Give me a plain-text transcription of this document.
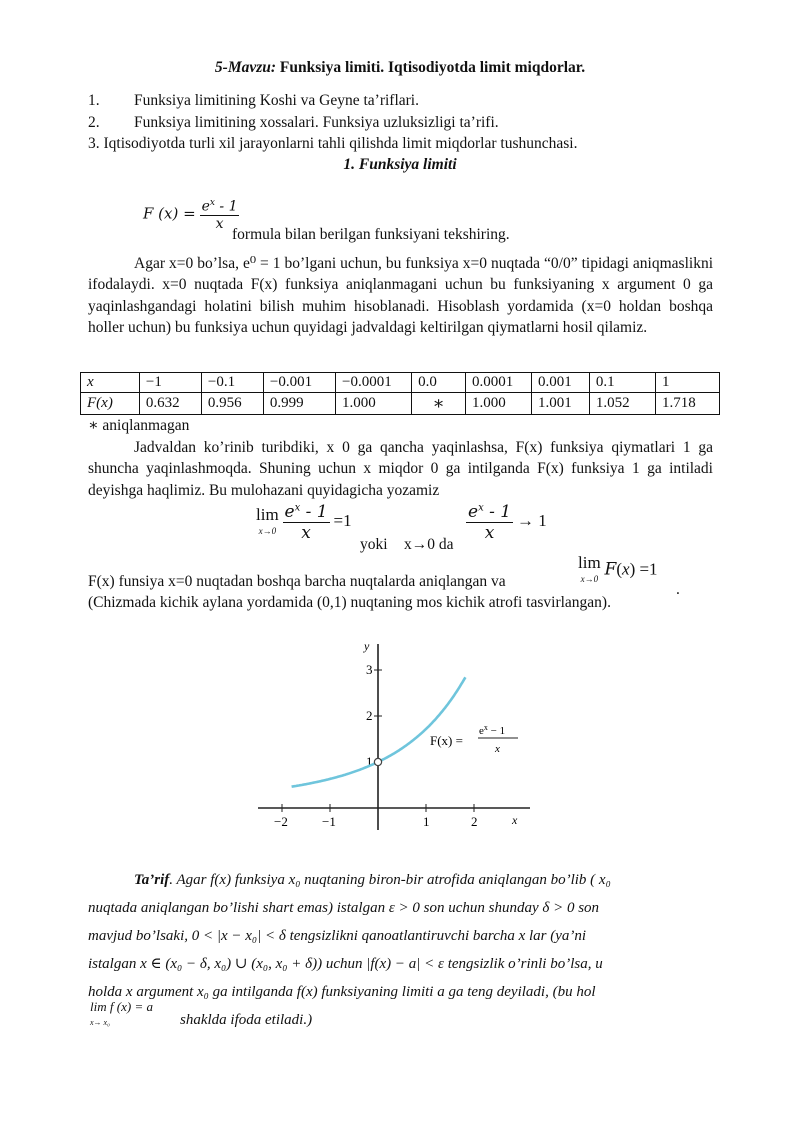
5-Mavzu: Funksiya limiti. Iqtisodiyotda limit miqdorlar.
1. Funksiya limitining Koshi va Geyne ta’riflari.
2. Funksiya limitining xossalari. Funksiya uzluksizligi ta’rifi.
3. Iqtisodiyotda turli xil jarayonlarni tahli qilishda limit miqdorlar tushunchasi.
1. Funksiya limiti
F $(x) = \frac{e^x - 1}{x}$
formula bilan berilgan funksiyani tekshiring.
Agar x=0 bo’lsa, e⁰ = 1 bo’lgani uchun, bu funksiya x=0 nuqtada “0/0” tipidagi aniqmaslikni ifodalaydi. x=0 nuqtada F(x) funksiya aniqlanmagani uchun bu funksiyaning x argument 0 ga yaqinlashgandagi holatini bilish muhim hisoblanadi. Hisoblash yordamida (x=0 holdan boshqa holler uchun) bu funksiya uchun quyidagi jadvaldagi keltirilgan qiymatlarni hosil qilamiz.
x	−1	−0.1	−0.001	−0.0001	0.0	0.0001	0.001	0.1	1
F(x)	0.632	0.956	0.999	1.000	∗	1.000	1.001	1.052	1.718
∗ aniqlanmagan
Jadvaldan ko’rinib turibdiki, x 0 ga qancha yaqinlashsa, F(x) funksiya qiymatlari 1 ga shuncha yaqinlashmoqda. Shuning uchun x miqdor 0 ga intilganda F(x) funksiya 1 ga intiladi deyishga haqlimiz. Bu mulohazani quyidagicha yozamiz
lim
$x\to 0 \frac{e^x - 1}{x} =1$
yoki x→0 da
$\frac{e^x - 1}{x} \to 1$
F(x) funsiya x=0 nuqtadan boshqa barcha nuqtalarda aniqlangan va
lim
x→0 F(x) =1
.
(Chizmada kichik aylana yordamida (0,1) nuqtaning mos kichik atrofi tasvirlangan).
−2	−1	1	2	x
3
2
1
y
F(x) =
$e^x - 1$
x
Ta’rif. Agar f(x) funksiya x₀ nuqtaning biron-bir atrofida aniqlangan bo’lib ( x₀
nuqtada aniqlangan bo’lishi shart emas) istalgan ε > 0 son uchun shunday δ > 0 son
mavjud bo’lsaki, 0 < |x − x₀| < δ tengsizlikni qanoatlantiruvchi barcha x lar (ya’ni
istalgan x ∈ (x₀ − δ, x₀) ∪ (x₀, x₀ + δ)) uchun |f(x) − a| < ε tengsizlik o’rinli bo’lsa, u
holda x argument x₀ ga intilganda f(x) funksiyaning limiti a ga teng deyiladi, (bu hol
lim f (x) = a
x→ x₀	shaklda ifoda etiladi.)
